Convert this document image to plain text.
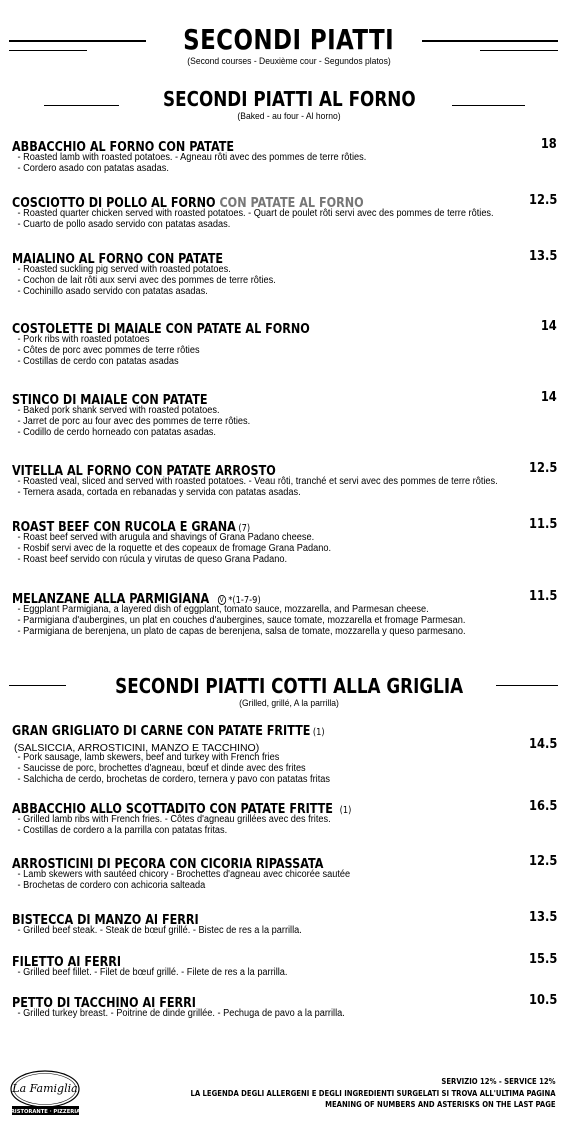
SECONDI PIATTI
(Second courses - Deuxième cour - Segundos platos)
SECONDI PIATTI AL FORNO
(Baked - au four - Al horno)
ABBACCHIO AL FORNO CON PATATE	18
- Roasted lamb with roasted potatoes. - Agneau rôti avec des pommes de terre rôties.
- Cordero asado con patatas asadas.
COSCIOTTO DI POLLO AL FORNO CON PATATE AL FORNO	12.5
- Roasted quarter chicken served with roasted potatoes. - Quart de poulet rôti servi avec des pommes de terre rôties.
- Cuarto de pollo asado servido con patatas asadas.
MAIALINO AL FORNO CON PATATE	13.5
- Roasted suckling pig served with roasted potatoes.
- Cochon de lait rôti aux servi avec des pommes de terre rôties.
- Cochinillo asado servido con patatas asadas.
COSTOLETTE DI MAIALE CON PATATE AL FORNO	14
- Pork ribs with roasted potatoes
- Côtes de porc avec pommes de terre rôties
- Costillas de cerdo con patatas asadas
STINCO DI MAIALE CON PATATE	14
- Baked pork shank served with roasted potatoes.
- Jarret de porc au four avec des pommes de terre rôties.
- Codillo de cerdo horneado con patatas asadas.
VITELLA AL FORNO CON PATATE ARROSTO	12.5
- Roasted veal, sliced and served with roasted potatoes. - Veau rôti, tranché et servi avec des pommes de terre rôties.
- Ternera asada, cortada en rebanadas y servida con patatas asadas.
ROAST BEEF CON RUCOLA E GRANA (7)	11.5
- Roast beef served with arugula and shavings of Grana Padano cheese.
- Rosbif servi avec de la roquette et des copeaux de fromage Grana Padano.
- Roast beef servido con rúcula y virutas de queso Grana Padano.
MELANZANE ALLA PARMIGIANA V *(1-7-9)	11.5
- Eggplant Parmigiana, a layered dish of eggplant, tomato sauce, mozzarella, and Parmesan cheese.
- Parmigiana d'aubergines, un plat en couches d'aubergines, sauce tomate, mozzarella et fromage Parmesan.
- Parmigiana de berenjena, un plato de capas de berenjena, salsa de tomate, mozzarella y queso parmesano.
SECONDI PIATTI COTTI ALLA GRIGLIA
(Grilled, grillé, A la parrilla)
GRAN GRIGLIATO DI CARNE CON PATATE FRITTE (1)
(SALSICCIA, ARROSTICINI, MANZO E TACCHINO)	14.5
- Pork sausage, lamb skewers, beef and turkey with French fries
- Saucisse de porc, brochettes d'agneau, bœuf et dinde avec des frites
- Salchicha de cerdo, brochetas de cordero, ternera y pavo con patatas fritas
ABBACCHIO ALLO SCOTTADITO CON PATATE FRITTE (1)	16.5
- Grilled lamb ribs with French fries. - Côtes d'agneau grillées avec des frites.
- Costillas de cordero a la parrilla con patatas fritas.
ARROSTICINI DI PECORA CON CICORIA RIPASSATA	12.5
- Lamb skewers with sautéed chicory - Brochettes d'agneau avec chicorée sautée
- Brochetas de cordero con achicoria salteada
BISTECCA DI MANZO AI FERRI	13.5
- Grilled beef steak. - Steak de bœuf grillé. - Bistec de res a la parrilla.
FILETTO AI FERRI	15.5
- Grilled beef fillet. - Filet de bœuf grillé. - Filete de res a la parrilla.
PETTO DI TACCHINO AI FERRI	10.5
- Grilled turkey breast. - Poitrine de dinde grillée. - Pechuga de pavo a la parrilla.
La Famiglia
RISTORANTE · PIZZERIA
SERVIZIO 12% - SERVICE 12%
LA LEGENDA DEGLI ALLERGENI E DEGLI INGREDIENTI SURGELATI SI TROVA ALL'ULTIMA PAGINA
MEANING OF NUMBERS AND ASTERISKS ON THE LAST PAGE
